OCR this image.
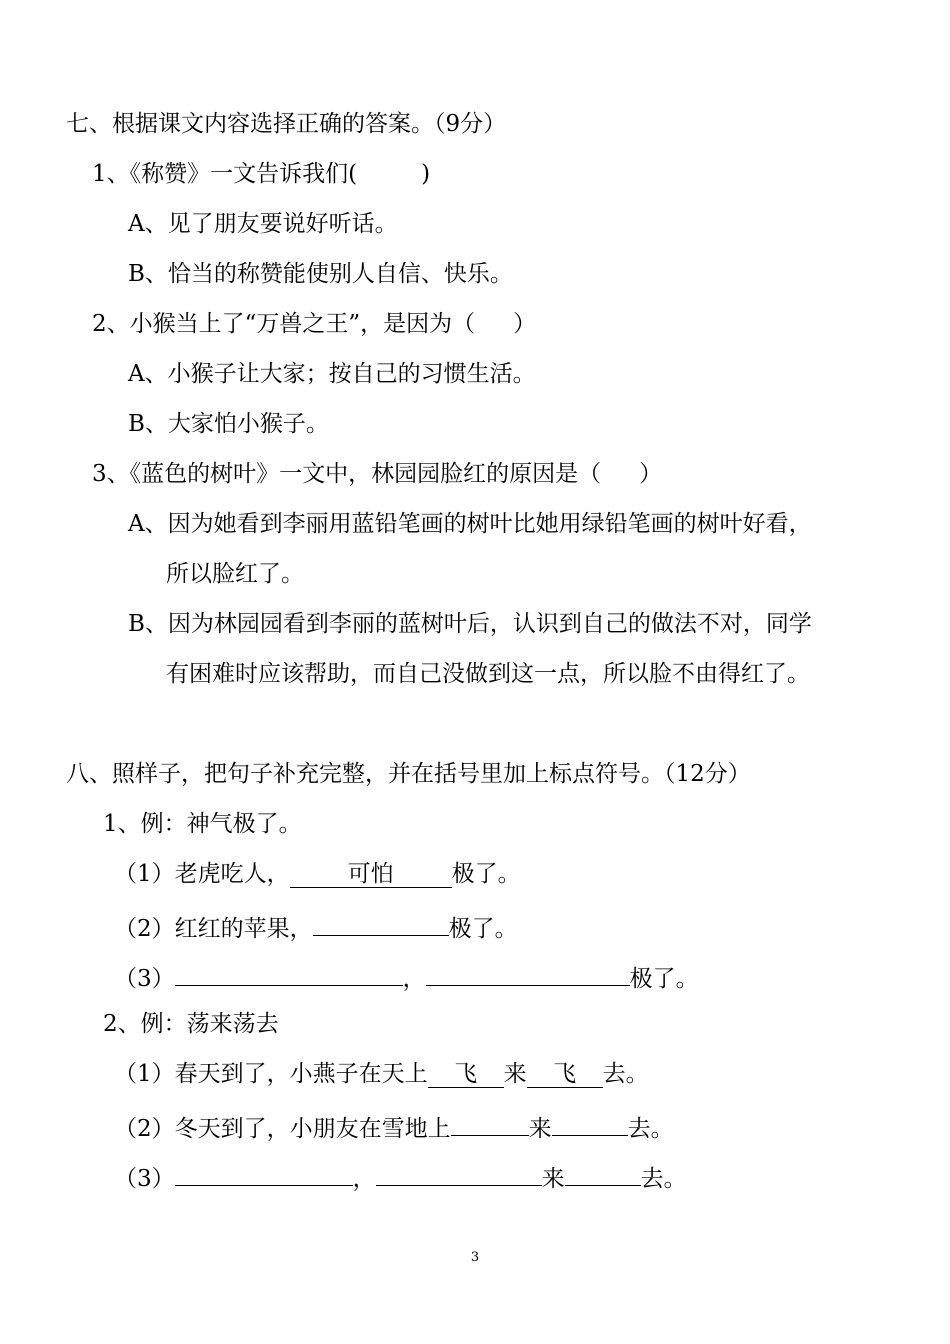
七、根据课文内容选择正确的答案。（9分）
1、《称赞》一文告诉我们(	)
A、见了朋友要说好听话。
B、恰当的称赞能使别人自信、快乐。
2、小猴当上了“万兽之王”，是因为（ ）
A、小猴子让大家；按自己的习惯生活。
B、大家怕小猴子。
3、《蓝色的树叶》一文中，林园园脸红的原因是（ ）
A、因为她看到李丽用蓝铅笔画的树叶比她用绿铅笔画的树叶好看，
所以脸红了。
B、因为林园园看到李丽的蓝树叶后，认识到自己的做法不对，同学
有困难时应该帮助，而自己没做到这一点，所以脸不由得红了。
八、照样子，把句子补充完整，并在括号里加上标点符号。（12分）
1、例：神气极了。
（1）老虎吃人，	可怕	极了。
（2）红红的苹果，	极了。
（3）	，	极了。
2、例：荡来荡去
（1）春天到了，小燕子在天上 飞 来 飞 去。
（2）冬天到了，小朋友在雪地上	来	去。
（3）	，	来	去。
3
